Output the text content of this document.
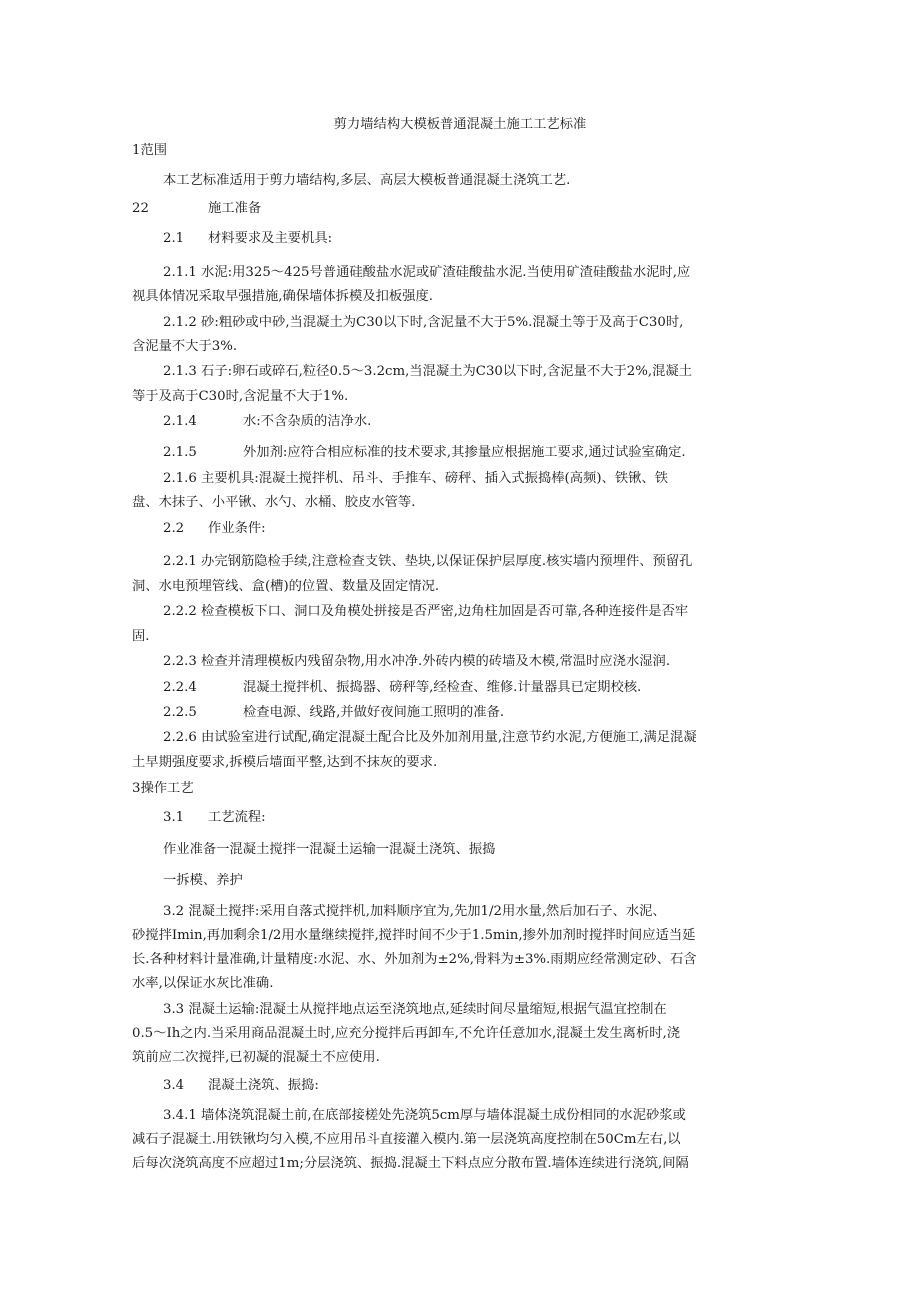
剪力墙结构大模板普通混凝土施工工艺标准
1范围
本工艺标准适用于剪力墙结构,多层、高层大模板普通混凝土浇筑工艺.
22	施工准备
2.1 材料要求及主要机具:
2.1.1 水泥:用325～425号普通硅酸盐水泥或矿渣硅酸盐水泥.当使用矿渣硅酸盐水泥时,应
视具体情况采取早强措施,确保墙体拆模及扣板强度.
2.1.2 砂:粗砂或中砂,当混凝土为C30以下时,含泥量不大于5%.混凝土等于及高于C30时,
含泥量不大于3%.
2.1.3 石子:卵石或碎石,粒径0.5～3.2cm,当混凝土为C30以下时,含泥量不大于2%,混凝土
等于及高于C30时,含泥量不大于1%.
2.1.4	水:不含杂质的洁净水.
2.1.5	外加剂:应符合相应标准的技术要求,其掺量应根据施工要求,通过试验室确定.
2.1.6 主要机具:混凝土搅拌机、吊斗、手推车、磅秤、插入式振捣棒(高频)、铁锹、铁
盘、木抹子、小平锹、水勺、水桶、胶皮水管等.
2.2 作业条件:
2.2.1 办完钢筋隐检手续,注意检查支铁、垫块,以保证保护层厚度.核实墙内预埋件、预留孔
洞、水电预埋管线、盒(槽)的位置、数量及固定情况.
2.2.2 检查模板下口、洞口及角模处拼接是否严密,边角柱加固是否可靠,各种连接件是否牢
固.
2.2.3 检查并清理模板内残留杂物,用水冲净.外砖内模的砖墙及木模,常温时应浇水湿润.
2.2.4	混凝土搅拌机、振捣器、磅秤等,经检查、维修.计量器具已定期校核.
2.2.5	检查电源、线路,并做好夜间施工照明的准备.
2.2.6 由试验室进行试配,确定混凝土配合比及外加剂用量,注意节约水泥,方便施工,满足混凝
土早期强度要求,拆模后墙面平整,达到不抹灰的要求.
3操作工艺
3.1 工艺流程:
作业准备一混凝土搅拌一混凝土运输一混凝土浇筑、振捣
一拆模、养护
3.2 混凝土搅拌:采用自落式搅拌机,加料顺序宜为,先加1/2用水量,然后加石子、水泥、
砂搅拌Imin,再加剩余1/2用水量继续搅拌,搅拌时间不少于1.5min,掺外加剂时搅拌时间应适当延
长.各种材料计量准确,计量精度:水泥、水、外加剂为±2%,骨料为±3%.雨期应经常测定砂、石含
水率,以保证水灰比准确.
3.3 混凝土运输:混凝土从搅拌地点运至浇筑地点,延续时间尽量缩短,根据气温宜控制在
0.5～Ih之内.当采用商品混凝土时,应充分搅拌后再卸车,不允许任意加水,混凝土发生离析时,浇
筑前应二次搅拌,已初凝的混凝土不应使用.
3.4 混凝土浇筑、振捣:
3.4.1 墙体浇筑混凝土前,在底部接槎处先浇筑5cm厚与墙体混凝土成份相同的水泥砂浆或
减石子混凝土.用铁锹均匀入模,不应用吊斗直接灌入模内.第一层浇筑高度控制在50Cm左右,以
后每次浇筑高度不应超过1m;分层浇筑、振捣.混凝土下料点应分散布置.墙体连续进行浇筑,间隔
